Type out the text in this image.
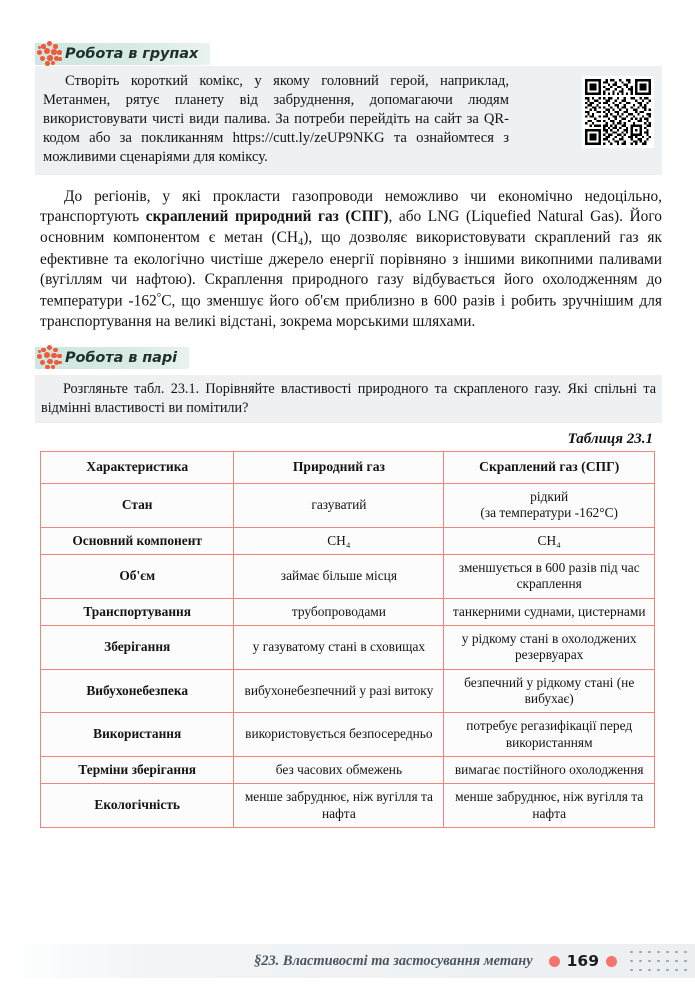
Робота в групах

Створіть короткий комікс, у якому головний герой, наприклад, Метанмен, рятує планету від забруднення, допомагаючи людям використовувати чисті види палива. За потреби перейдіть на сайт за QR-кодом або за покликанням https://cutt.ly/zeUP9NKG та ознайомтеся з можливими сценаріями для коміксу.

До регіонів, у які прокласти газопроводи неможливо чи економічно недоцільно, транспортують скраплений природний газ (СПГ), або LNG (Liquefied Natural Gas). Його основним компонентом є метан $(CH_4)$, що дозволяє використовувати скраплений газ як ефективне та екологічно чистіше джерело енергії порівняно з іншими викопними паливами (вугіллям чи нафтою). Скраплення природного газу відбувається його охолодженням до температури -162°С, що зменшує його об'єм приблизно в 600 разів і робить зручнішим для транспортування на великі відстані, зокрема морськими шляхами.

Робота в парі

Розгляньте табл. 23.1. Порівняйте властивості природного та скрапленого газу. Які спільні та відмінні властивості ви помітили?

Таблиця 23.1
Характеристика	Природний газ	Скраплений газ (СПГ)
Стан	газуватий	рідкий
(за температури -162°С)
Основний компонент	CH₄	CH₄
Об'єм	займає більше місця	зменшується в 600 разів під час скраплення
Транспортування	трубопроводами	танкерними суднами, цистернами
Зберігання	у газуватому стані в сховищах	у рідкому стані в охолоджених резервуарах
Вибухонебезпека	вибухонебезпечний у разі витоку	безпечний у рідкому стані (не вибухає)
Використання	використовується безпосередньо	потребує регазифікації перед використанням
Терміни зберігання	без часових обмежень	вимагає постійного охолодження
Екологічність	менше забруднює, ніж вугілля та нафта	менше забруднює, ніж вугілля та нафта
§23. Властивості та застосування метану 169
